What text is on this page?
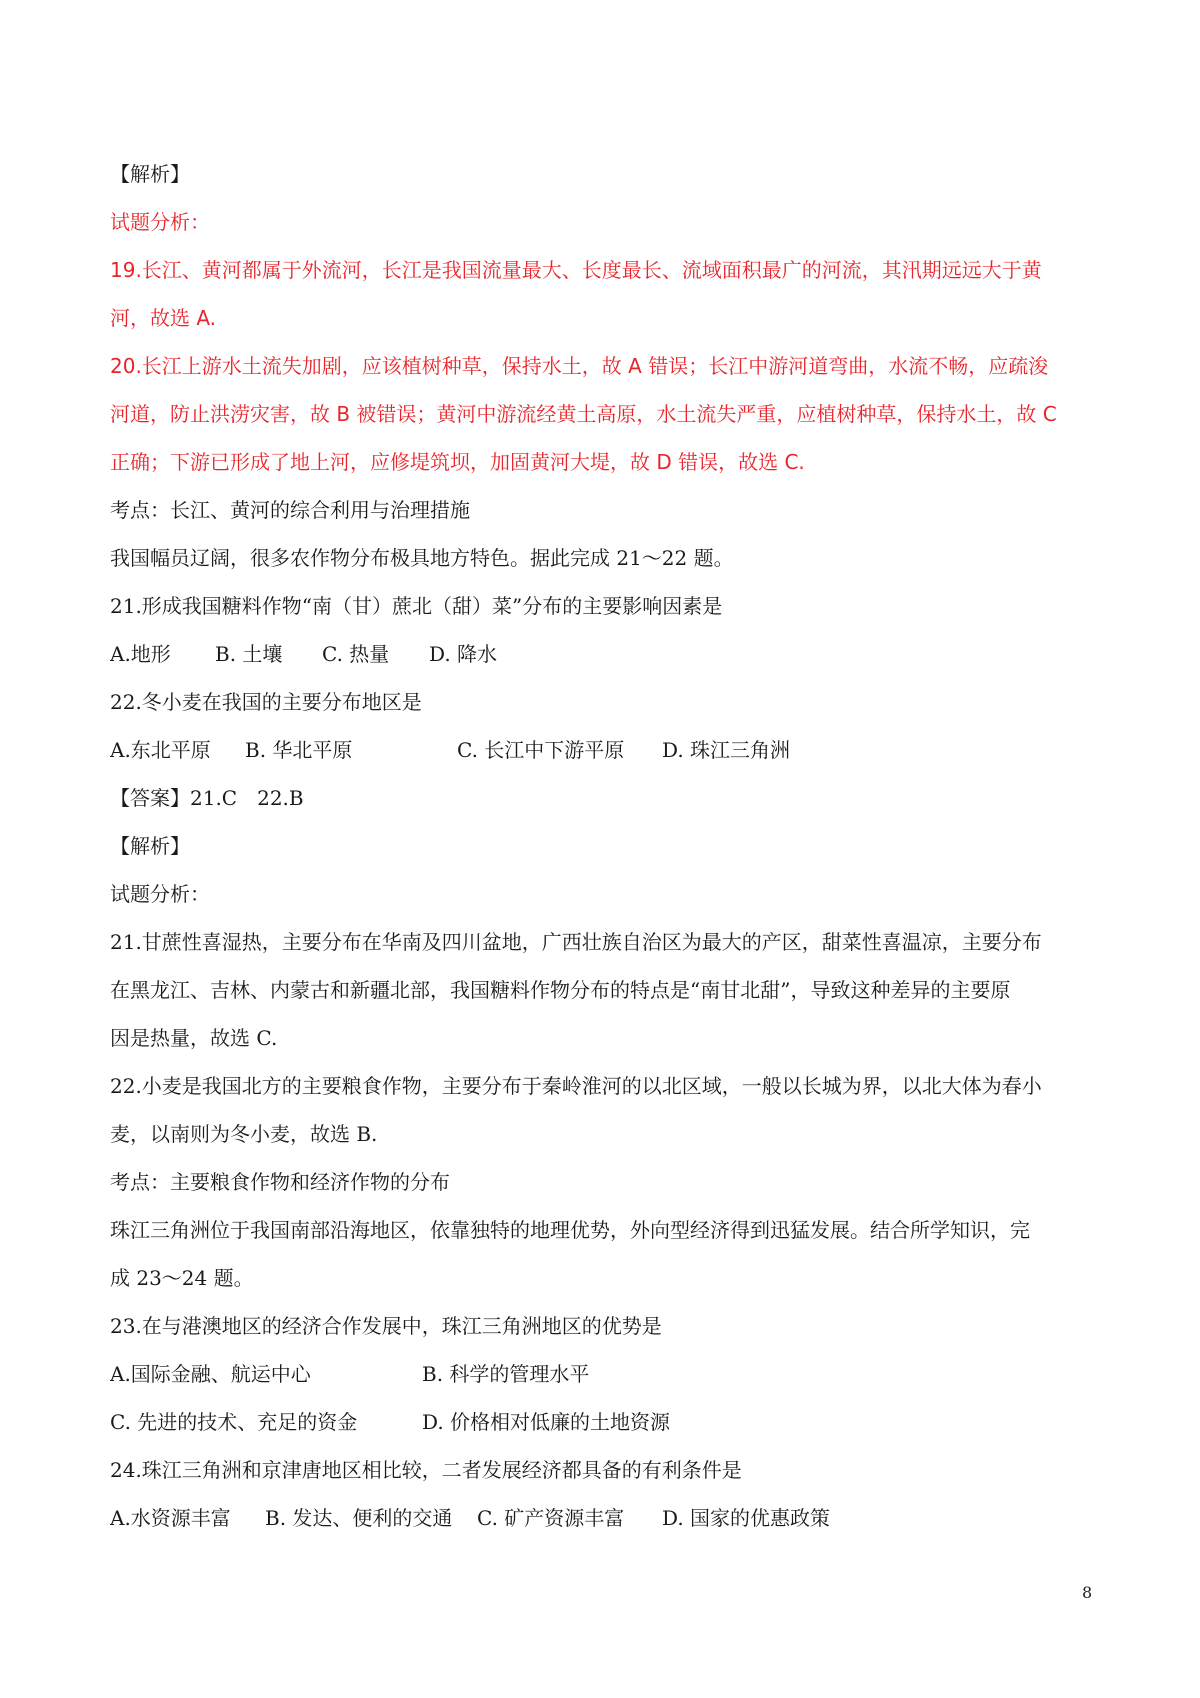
【解析】
试题分析：
19.长江、黄河都属于外流河，长江是我国流量最大、长度最长、流域面积最广的河流，其汛期远远大于黄
河，故选 A.
20.长江上游水土流失加剧，应该植树种草，保持水土，故 A 错误；长江中游河道弯曲，水流不畅，应疏浚
河道，防止洪涝灾害，故 B 被错误；黄河中游流经黄土高原，水土流失严重，应植树种草，保持水土，故 C
正确；下游已形成了地上河，应修堤筑坝，加固黄河大堤，故 D 错误，故选 C.
考点：长江、黄河的综合利用与治理措施
我国幅员辽阔，很多农作物分布极具地方特色。据此完成 21～22 题。
21.形成我国糖料作物“南（甘）蔗北（甜）菜”分布的主要影响因素是
A.地形	B. 土壤	C. 热量	D. 降水
22.冬小麦在我国的主要分布地区是
A.东北平原	B. 华北平原	C. 长江中下游平原	D. 珠江三角洲
【答案】21.C　22.B
【解析】
试题分析：
21.甘蔗性喜湿热，主要分布在华南及四川盆地，广西壮族自治区为最大的产区，甜菜性喜温凉，主要分布
在黑龙江、吉林、内蒙古和新疆北部，我国糖料作物分布的特点是“南甘北甜”，导致这种差异的主要原
因是热量，故选 C.
22.小麦是我国北方的主要粮食作物，主要分布于秦岭淮河的以北区域，一般以长城为界，以北大体为春小
麦，以南则为冬小麦，故选 B.
考点：主要粮食作物和经济作物的分布
珠江三角洲位于我国南部沿海地区，依靠独特的地理优势，外向型经济得到迅猛发展。结合所学知识，完
成 23～24 题。
23.在与港澳地区的经济合作发展中，珠江三角洲地区的优势是
A.国际金融、航运中心	B. 科学的管理水平
C. 先进的技术、充足的资金	D. 价格相对低廉的土地资源
24.珠江三角洲和京津唐地区相比较，二者发展经济都具备的有利条件是
A.水资源丰富	B. 发达、便利的交通	C. 矿产资源丰富	D. 国家的优惠政策
8
